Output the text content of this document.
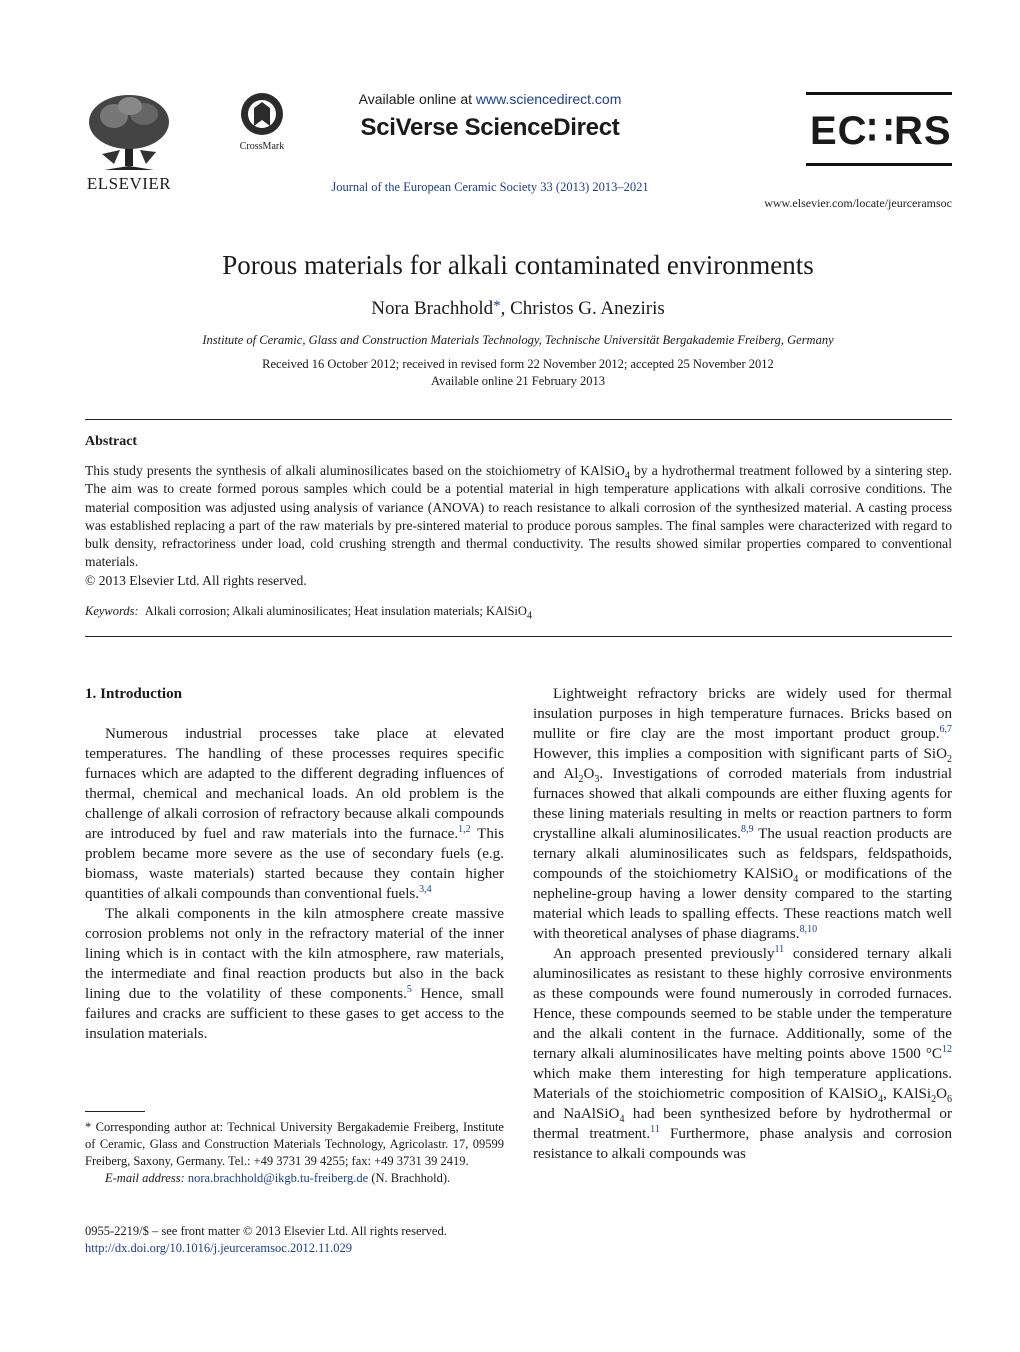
ELSEVIER
CrossMark
Available online at www.sciencedirect.com
SciVerse ScienceDirect
Journal of the European Ceramic Society 33 (2013) 2013–2021
EC∷RS
www.elsevier.com/locate/jeurceramsoc
Porous materials for alkali contaminated environments
Nora Brachhold*, Christos G. Aneziris
Institute of Ceramic, Glass and Construction Materials Technology, Technische Universität Bergakademie Freiberg, Germany
Received 16 October 2012; received in revised form 22 November 2012; accepted 25 November 2012
Available online 21 February 2013
Abstract
This study presents the synthesis of alkali aluminosilicates based on the stoichiometry of KAlSiO$_4$ by a hydrothermal treatment followed by a sintering step. The aim was to create formed porous samples which could be a potential material in high temperature applications with alkali corrosive conditions. The material composition was adjusted using analysis of variance (ANOVA) to reach resistance to alkali corrosion of the synthesized material. A casting process was established replacing a part of the raw materials by pre-sintered material to produce porous samples. The final samples were characterized with regard to bulk density, refractoriness under load, cold crushing strength and thermal conductivity. The results showed similar properties compared to conventional materials.
© 2013 Elsevier Ltd. All rights reserved.
Keywords: Alkali corrosion; Alkali aluminosilicates; Heat insulation materials; KAlSiO$_4$
1. Introduction

Numerous industrial processes take place at elevated temperatures. The handling of these processes requires specific furnaces which are adapted to the different degrading influences of thermal, chemical and mechanical loads. An old problem is the challenge of alkali corrosion of refractory because alkali compounds are introduced by fuel and raw materials into the furnace.$^{1,2}$ This problem became more severe as the use of secondary fuels (e.g. biomass, waste materials) started because they contain higher quantities of alkali compounds than conventional fuels.$^{3,4}$

The alkali components in the kiln atmosphere create massive corrosion problems not only in the refractory material of the inner lining which is in contact with the kiln atmosphere, raw materials, the intermediate and final reaction products but also in the back lining due to the volatility of these components.$^5$ Hence, small failures and cracks are sufficient to these gases to get access to the insulation materials.

Lightweight refractory bricks are widely used for thermal insulation purposes in high temperature furnaces. Bricks based on mullite or fire clay are the most important product group.$^{6,7}$ However, this implies a composition with significant parts of SiO$_2$ and $Al_2O_3$. Investigations of corroded materials from industrial furnaces showed that alkali compounds are either fluxing agents for these lining materials resulting in melts or reaction partners to form crystalline alkali aluminosilicates.$^{8,9}$ The usual reaction products are ternary alkali aluminosilicates such as feldspars, feldspathoids, compounds of the stoichiometry KAlSiO$_4$ or modifications of the nepheline-group having a lower density compared to the starting material which leads to spalling effects. These reactions match well with theoretical analyses of phase diagrams.$^{8,10}$

An approach presented previously$^{11}$ considered ternary alkali aluminosilicates as resistant to these highly corrosive environments as these compounds were found numerously in corroded furnaces. Hence, these compounds seemed to be stable under the temperature and the alkali content in the furnace. Additionally, some of the ternary alkali aluminosilicates have melting points above 1500 $^\circ C^{12}$ which make them interesting for high temperature applications. Materials of the stoichiometric composition of KAlSiO$_4$, $KAlSi_2O_6$ and NaAlSiO$_4$ had been synthesized before by hydrothermal or thermal treatment.$^{11}$ Furthermore, phase analysis and corrosion resistance to alkali compounds was

* Corresponding author at: Technical University Bergakademie Freiberg, Institute of Ceramic, Glass and Construction Materials Technology, Agricolastr. 17, 09599 Freiberg, Saxony, Germany. Tel.: +49 3731 39 4255; fax: +49 3731 39 2419.
E-mail address: nora.brachhold@ikgb.tu-freiberg.de (N. Brachhold).
0955-2219/$ – see front matter © 2013 Elsevier Ltd. All rights reserved.
http://dx.doi.org/10.1016/j.jeurceramsoc.2012.11.029
